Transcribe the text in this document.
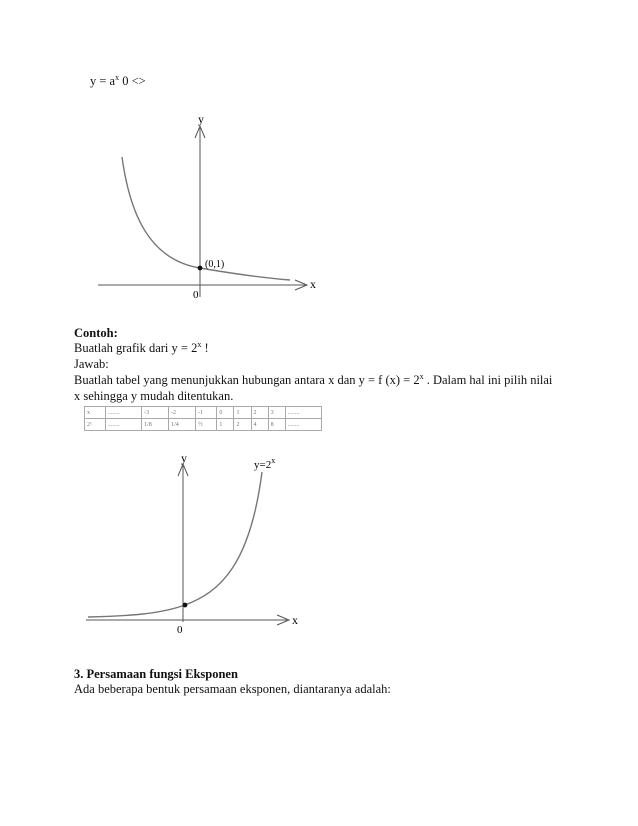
$y = a^x$ 0 <>
y
x
0
(0,1)
y
x
0
$y=2^x$
Contoh:
Buatlah grafik dari $y = 2^x$ !
Jawab:
Buatlah tabel yang menunjukkan hubungan antara x dan y = f $(x) = 2^x$ . Dalam hal ini pilih nilai
x sehingga y mudah ditentukan.
x	........	-3	-2	-1	0	1	2	3	........
2ˣ	........	1/8	1/4	½	1	2	4	8	........
3. Persamaan fungsi Eksponen
Ada beberapa bentuk persamaan eksponen, diantaranya adalah:
